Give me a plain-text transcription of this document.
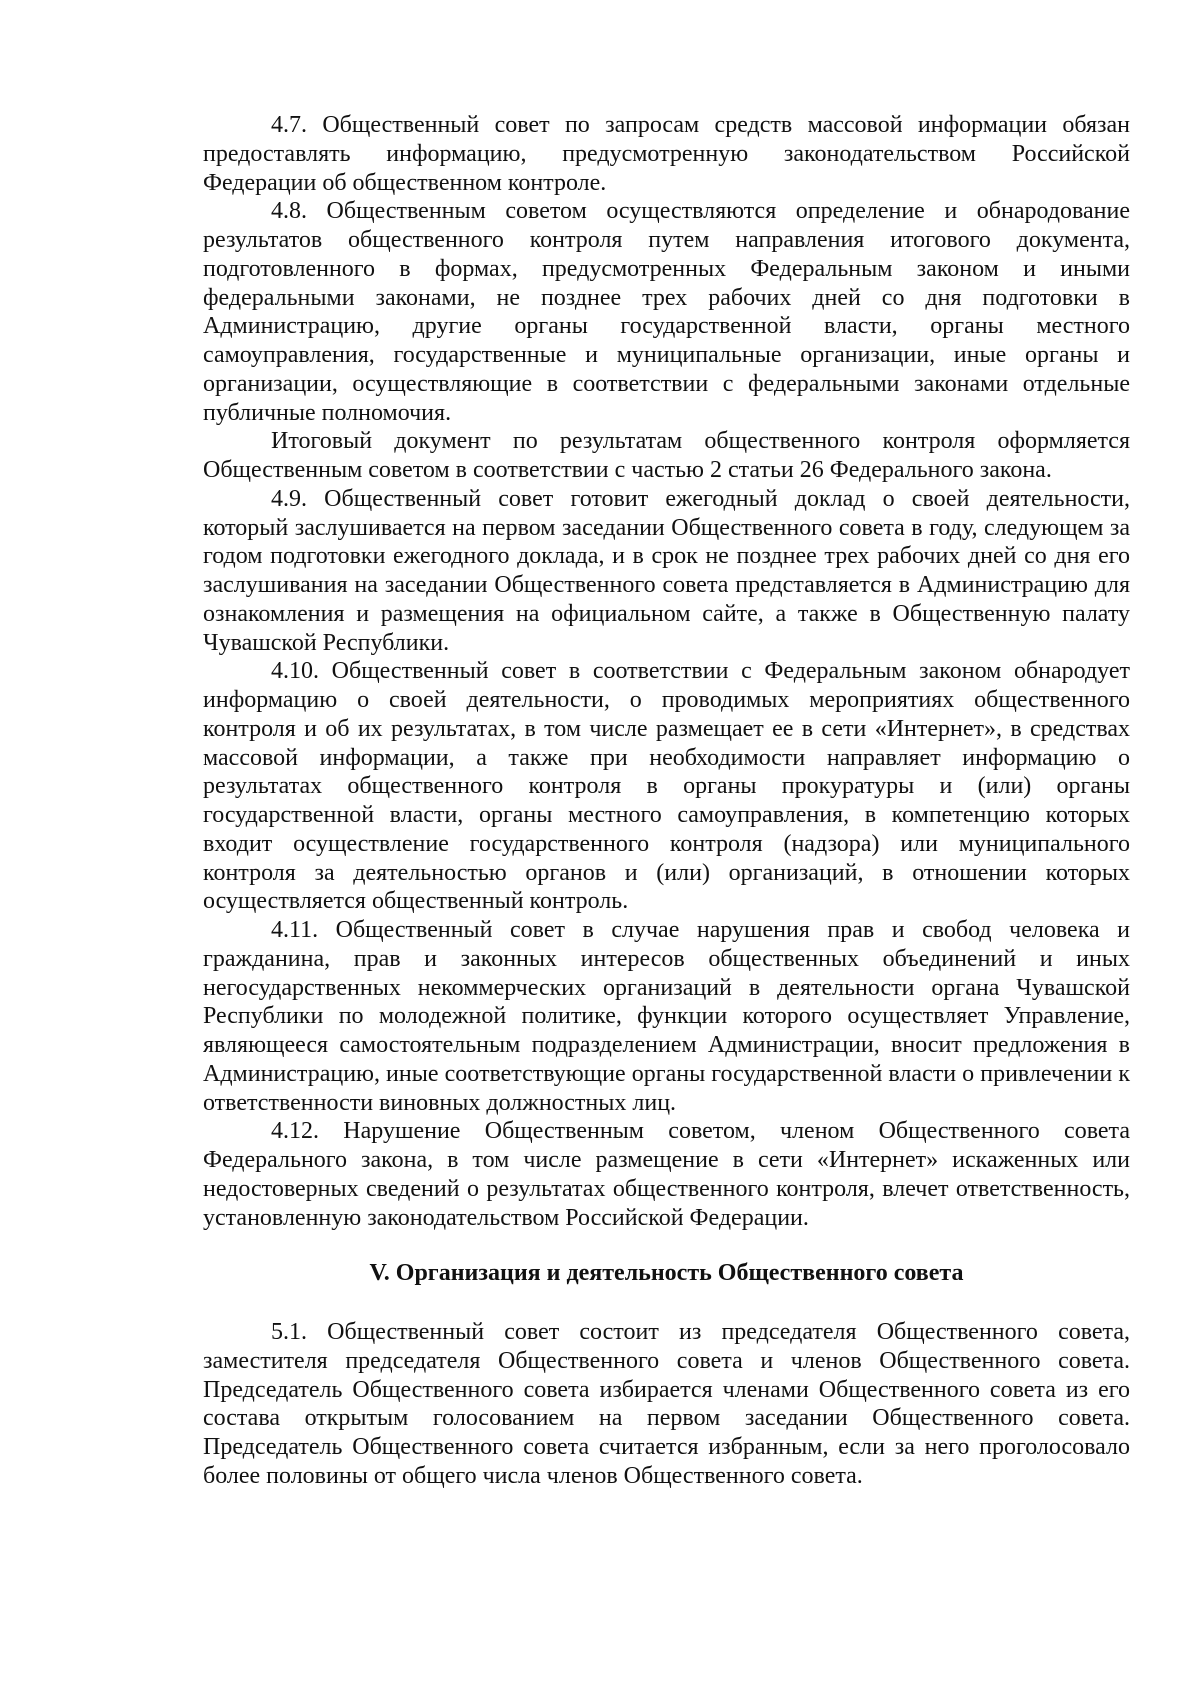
4.7. Общественный совет по запросам средств массовой информации обязан предоставлять информацию, предусмотренную законодательством Российской Федерации об общественном контроле.

4.8. Общественным советом осуществляются определение и обнародование результатов общественного контроля путем направления итогового документа, подготовленного в формах, предусмотренных Федеральным законом и иными федеральными законами, не позднее трех рабочих дней со дня подготовки в Администрацию, другие органы государственной власти, органы местного самоуправления, государственные и муниципальные организации, иные органы и организации, осуществляющие в соответствии с федеральными законами отдельные публичные полномочия.

Итоговый документ по результатам общественного контроля оформляется Общественным советом в соответствии с частью 2 статьи 26 Федерального закона.

4.9. Общественный совет готовит ежегодный доклад о своей деятельности, который заслушивается на первом заседании Общественного совета в году, следующем за годом подготовки ежегодного доклада, и в срок не позднее трех рабочих дней со дня его заслушивания на заседании Общественного совета представляется в Администрацию для ознакомления и размещения на официальном сайте, а также в Общественную палату Чувашской Республики.

4.10. Общественный совет в соответствии с Федеральным законом обнародует информацию о своей деятельности, о проводимых мероприятиях общественного контроля и об их результатах, в том числе размещает ее в сети «Интернет», в средствах массовой информации, а также при необходимости направляет информацию о результатах общественного контроля в органы прокуратуры и (или) органы государственной власти, органы местного самоуправления, в компетенцию которых входит осуществление государственного контроля (надзора) или муниципального контроля за деятельностью органов и (или) организаций, в отношении которых осуществляется общественный контроль.

4.11. Общественный совет в случае нарушения прав и свобод человека и гражданина, прав и законных интересов общественных объединений и иных негосударственных некоммерческих организаций в деятельности органа Чувашской Республики по молодежной политике, функции которого осуществляет Управление, являющееся самостоятельным подразделением Администрации, вносит предложения в Администрацию, иные соответствующие органы государственной власти о привлечении к ответственности виновных должностных лиц.

4.12. Нарушение Общественным советом, членом Общественного совета Федерального закона, в том числе размещение в сети «Интернет» искаженных или недостоверных сведений о результатах общественного контроля, влечет ответственность, установленную законодательством Российской Федерации.

V. Организация и деятельность Общественного совета

5.1. Общественный совет состоит из председателя Общественного совета, заместителя председателя Общественного совета и членов Общественного совета. Председатель Общественного совета избирается членами Общественного совета из его состава открытым голосованием на первом заседании Общественного совета. Председатель Общественного совета считается избранным, если за него проголосовало более половины от общего числа членов Общественного совета.
